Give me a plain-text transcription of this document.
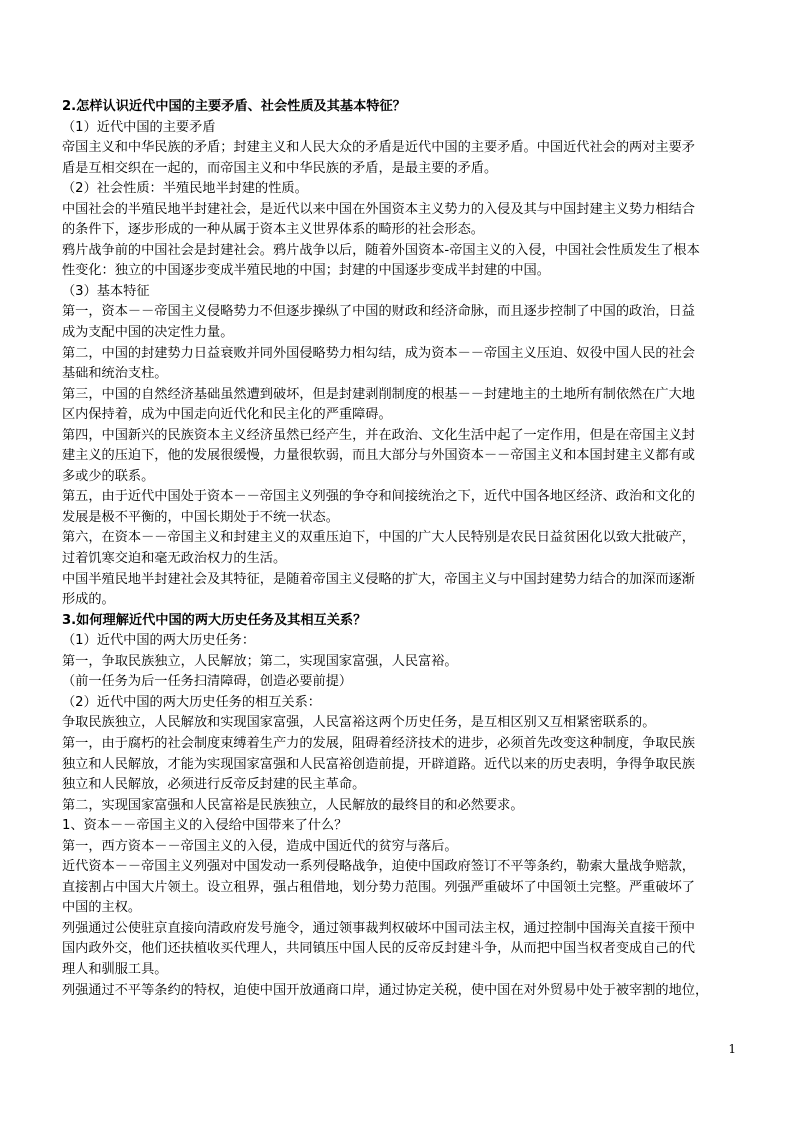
2.怎样认识近代中国的主要矛盾、社会性质及其基本特征？
（1）近代中国的主要矛盾
帝国主义和中华民族的矛盾；封建主义和人民大众的矛盾是近代中国的主要矛盾。中国近代社会的两对主要矛
盾是互相交织在一起的，而帝国主义和中华民族的矛盾，是最主要的矛盾。
（2）社会性质：半殖民地半封建的性质。
中国社会的半殖民地半封建社会，是近代以来中国在外国资本主义势力的入侵及其与中国封建主义势力相结合
的条件下，逐步形成的一种从属于资本主义世界体系的畸形的社会形态。
鸦片战争前的中国社会是封建社会。鸦片战争以后，随着外国资本-帝国主义的入侵，中国社会性质发生了根本
性变化：独立的中国逐步变成半殖民地的中国；封建的中国逐步变成半封建的中国。
（3）基本特征
第一，资本－－帝国主义侵略势力不但逐步操纵了中国的财政和经济命脉，而且逐步控制了中国的政治，日益
成为支配中国的决定性力量。
第二，中国的封建势力日益衰败并同外国侵略势力相勾结，成为资本－－帝国主义压迫、奴役中国人民的社会
基础和统治支柱。
第三，中国的自然经济基础虽然遭到破坏，但是封建剥削制度的根基－－封建地主的土地所有制依然在广大地
区内保持着，成为中国走向近代化和民主化的严重障碍。
第四，中国新兴的民族资本主义经济虽然已经产生，并在政治、文化生活中起了一定作用，但是在帝国主义封
建主义的压迫下，他的发展很缓慢，力量很软弱，而且大部分与外国资本－－帝国主义和本国封建主义都有或
多或少的联系。
第五，由于近代中国处于资本－－帝国主义列强的争夺和间接统治之下，近代中国各地区经济、政治和文化的
发展是极不平衡的，中国长期处于不统一状态。
第六，在资本－－帝国主义和封建主义的双重压迫下，中国的广大人民特别是农民日益贫困化以致大批破产，
过着饥寒交迫和毫无政治权力的生活。
中国半殖民地半封建社会及其特征，是随着帝国主义侵略的扩大，帝国主义与中国封建势力结合的加深而逐渐
形成的。
3.如何理解近代中国的两大历史任务及其相互关系？
（1）近代中国的两大历史任务：
第一，争取民族独立，人民解放；第二，实现国家富强，人民富裕。
（前一任务为后一任务扫清障碍，创造必要前提）
（2）近代中国的两大历史任务的相互关系：
争取民族独立，人民解放和实现国家富强，人民富裕这两个历史任务，是互相区别又互相紧密联系的。
第一，由于腐朽的社会制度束缚着生产力的发展，阻碍着经济技术的进步，必须首先改变这种制度，争取民族
独立和人民解放，才能为实现国家富强和人民富裕创造前提，开辟道路。近代以来的历史表明，争得争取民族
独立和人民解放，必须进行反帝反封建的民主革命。
第二，实现国家富强和人民富裕是民族独立，人民解放的最终目的和必然要求。
1、资本－－帝国主义的入侵给中国带来了什么？
第一，西方资本－－帝国主义的入侵，造成中国近代的贫穷与落后。
近代资本－－帝国主义列强对中国发动一系列侵略战争，迫使中国政府签订不平等条约，勒索大量战争赔款，
直接割占中国大片领土。设立租界，强占租借地，划分势力范围。列强严重破坏了中国领土完整。严重破坏了
中国的主权。
列强通过公使驻京直接向清政府发号施令，通过领事裁判权破坏中国司法主权，通过控制中国海关直接干预中
国内政外交，他们还扶植收买代理人，共同镇压中国人民的反帝反封建斗争，从而把中国当权者变成自己的代
理人和驯服工具。
列强通过不平等条约的特权，迫使中国开放通商口岸，通过协定关税，使中国在对外贸易中处于被宰割的地位，
1
